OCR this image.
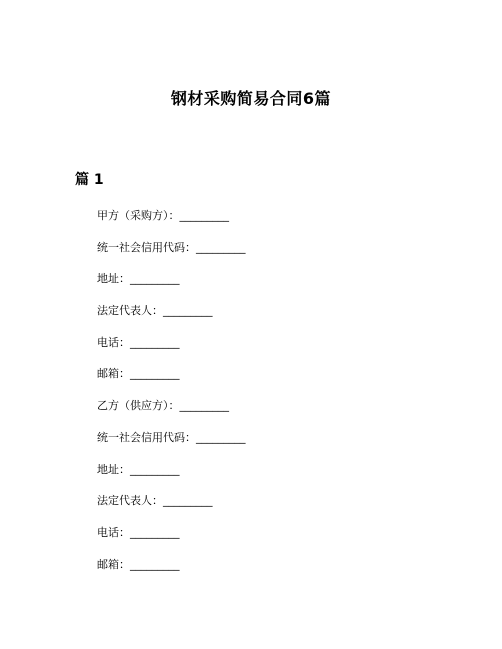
钢材采购简易合同6篇
篇 1
甲方（采购方）：_________
统一社会信用代码：_________
地址：_________
法定代表人：_________
电话：_________
邮箱：_________
乙方（供应方）：_________
统一社会信用代码：_________
地址：_________
法定代表人：_________
电话：_________
邮箱：_________
